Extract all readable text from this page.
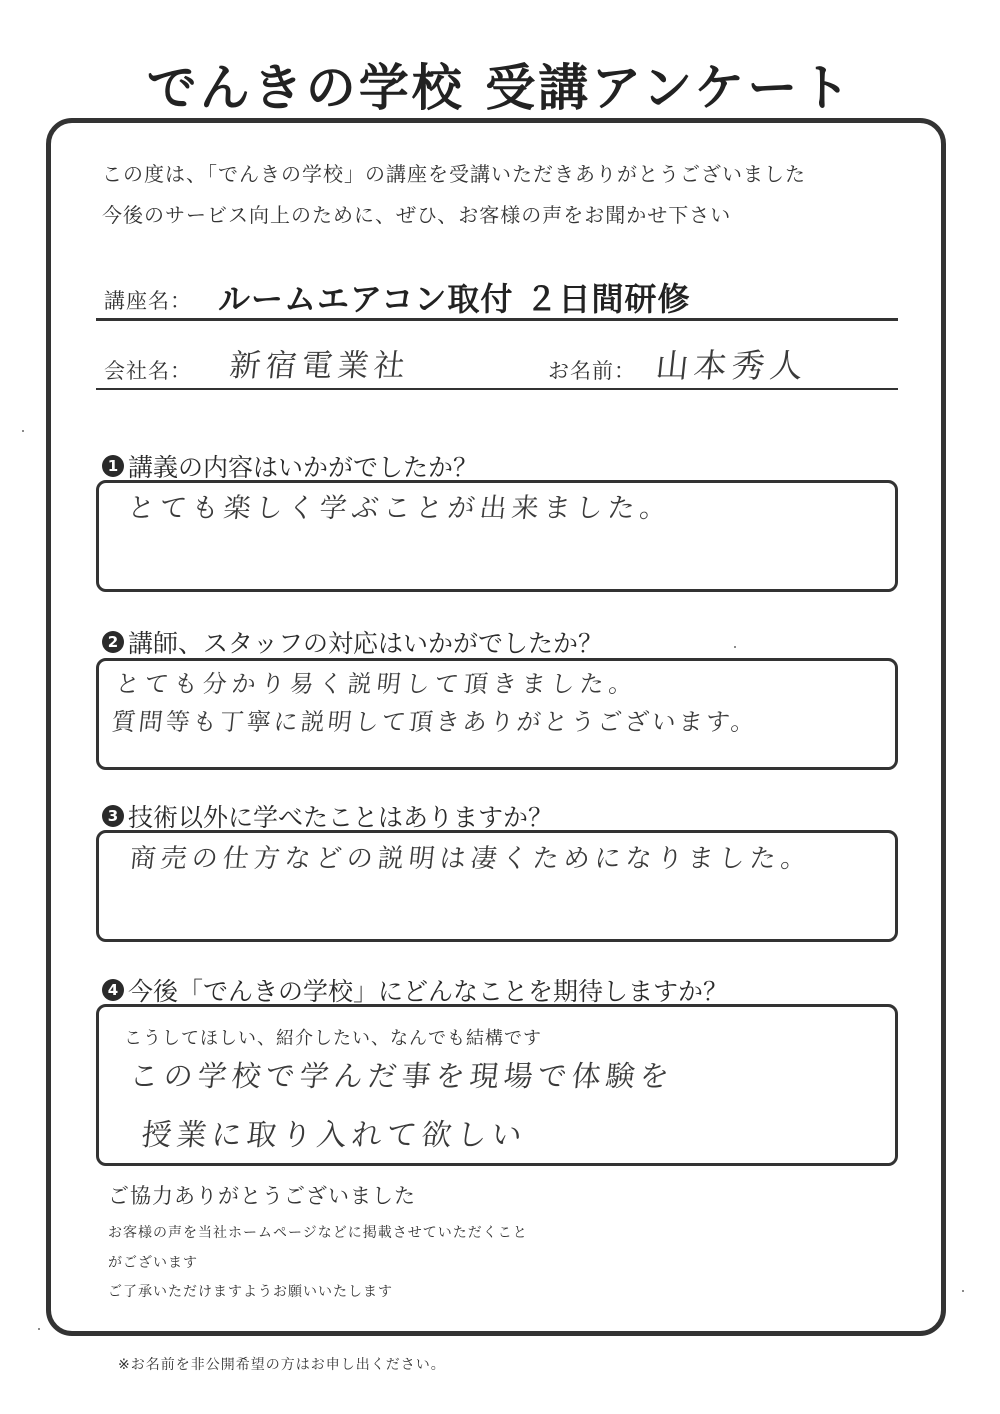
でんきの学校 受講アンケート
この度は、「でんきの学校」の講座を受講いただきありがとうございました
今後のサービス向上のために、ぜひ、お客様の声をお聞かせ下さい
講座名： ルームエアコン取付 ２日間研修
会社名： 新宿電業社	お名前： 山本秀人
1 講義の内容はいかがでしたか？
とても楽しく学ぶことが出来ました。
2 講師、スタッフの対応はいかがでしたか？
とても分かり易く説明して頂きました。
質問等も丁寧に説明して頂きありがとうございます。
3 技術以外に学べたことはありますか？
商売の仕方などの説明は凄くためになりました。
4 今後「でんきの学校」にどんなことを期待しますか？
こうしてほしい、紹介したい、なんでも結構です
この学校で学んだ事を現場で体験を
授業に取り入れて欲しい
ご協力ありがとうございました
お客様の声を当社ホームページなどに掲載させていただくこと
がございます
ご了承いただけますようお願いいたします
※お名前を非公開希望の方はお申し出ください。
